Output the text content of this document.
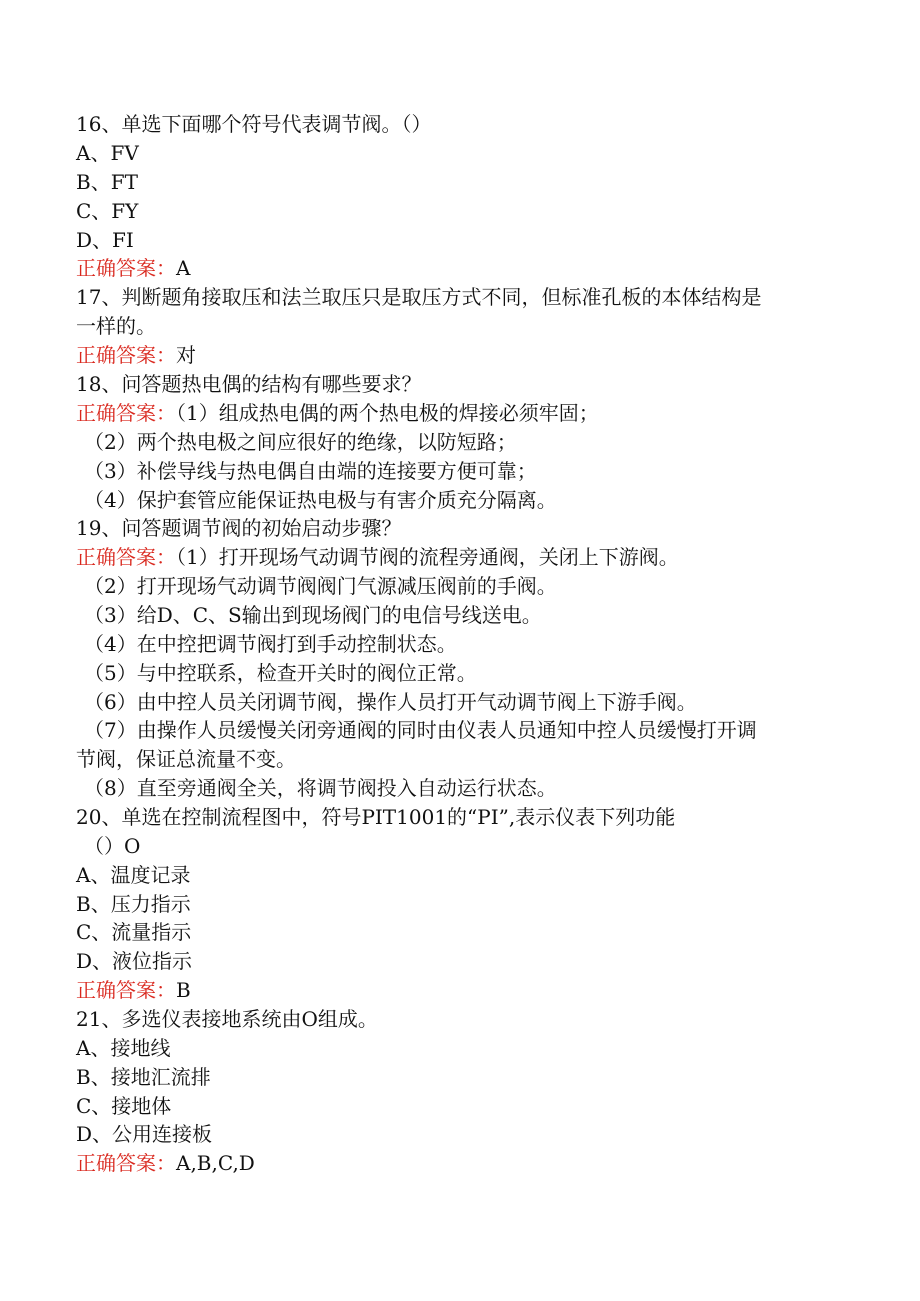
16、单选下面哪个符号代表调节阀。（）
A、FV
B、FT
C、FY
D、FI
正确答案：A
17、判断题角接取压和法兰取压只是取压方式不同，但标准孔板的本体结构是
一样的。
正确答案：对
18、问答题热电偶的结构有哪些要求？
正确答案：（1）组成热电偶的两个热电极的焊接必须牢固；
（2）两个热电极之间应很好的绝缘，以防短路；
（3）补偿导线与热电偶自由端的连接要方便可靠；
（4）保护套管应能保证热电极与有害介质充分隔离。
19、问答题调节阀的初始启动步骤？
正确答案：（1）打开现场气动调节阀的流程旁通阀，关闭上下游阀。
（2）打开现场气动调节阀阀门气源减压阀前的手阀。
（3）给D、C、S输出到现场阀门的电信号线送电。
（4）在中控把调节阀打到手动控制状态。
（5）与中控联系，检查开关时的阀位正常。
（6）由中控人员关闭调节阀，操作人员打开气动调节阀上下游手阀。
（7）由操作人员缓慢关闭旁通阀的同时由仪表人员通知中控人员缓慢打开调
节阀，保证总流量不变。
（8）直至旁通阀全关，将调节阀投入自动运行状态。
20、单选在控制流程图中，符号PIT1001的“PI”,表示仪表下列功能
（）O
A、温度记录
B、压力指示
C、流量指示
D、液位指示
正确答案：B
21、多选仪表接地系统由O组成。
A、接地线
B、接地汇流排
C、接地体
D、公用连接板
正确答案：A,B,C,D
